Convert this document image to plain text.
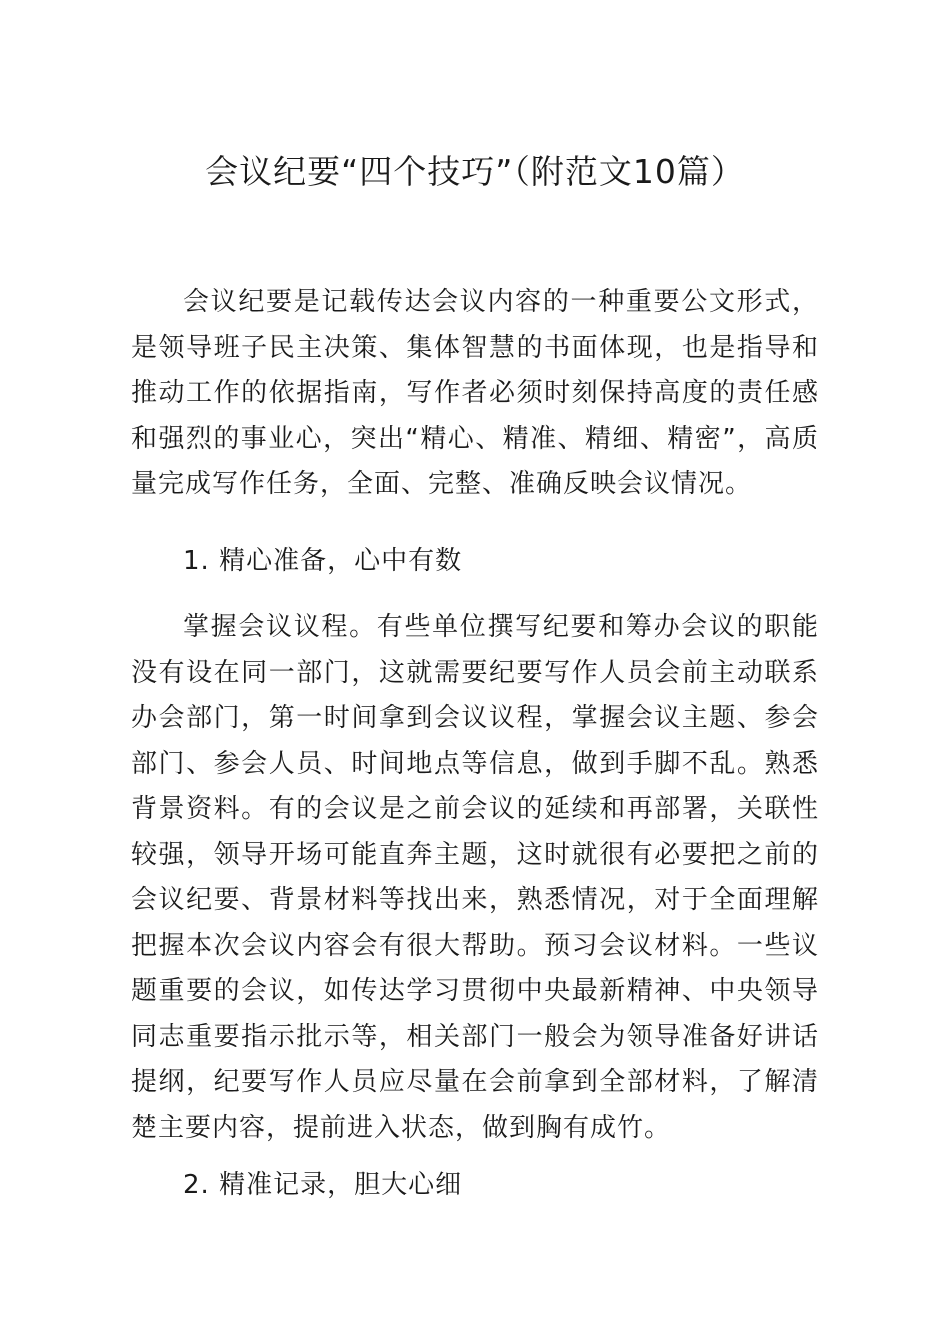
会议纪要“四个技巧”（附范文10篇）

会议纪要是记载传达会议内容的一种重要公文形式，是领导班子民主决策、集体智慧的书面体现，也是指导和推动工作的依据指南，写作者必须时刻保持高度的责任感和强烈的事业心，突出“精心、精准、精细、精密”，高质量完成写作任务，全面、完整、准确反映会议情况。

1. 精心准备，心中有数

掌握会议议程。有些单位撰写纪要和筹办会议的职能没有设在同一部门，这就需要纪要写作人员会前主动联系办会部门，第一时间拿到会议议程，掌握会议主题、参会部门、参会人员、时间地点等信息，做到手脚不乱。熟悉背景资料。有的会议是之前会议的延续和再部署，关联性较强，领导开场可能直奔主题，这时就很有必要把之前的会议纪要、背景材料等找出来，熟悉情况，对于全面理解把握本次会议内容会有很大帮助。预习会议材料。一些议题重要的会议，如传达学习贯彻中央最新精神、中央领导同志重要指示批示等，相关部门一般会为领导准备好讲话提纲，纪要写作人员应尽量在会前拿到全部材料，了解清楚主要内容，提前进入状态，做到胸有成竹。

2. 精准记录，胆大心细
